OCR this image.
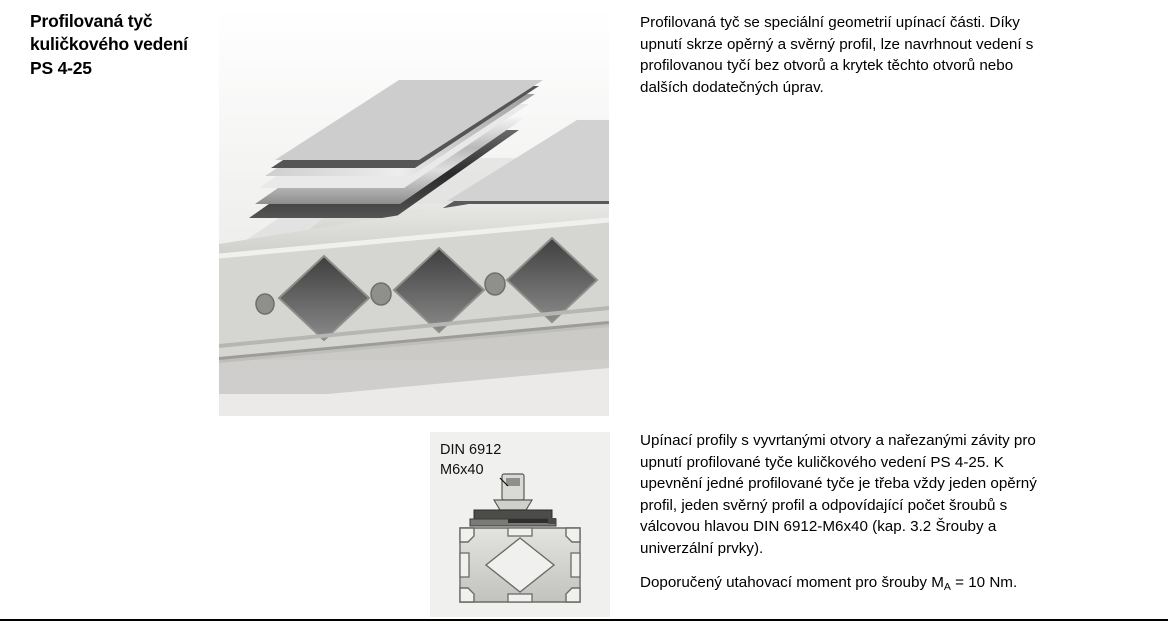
Profilovaná tyč kuličkového vedení PS 4-25
Profilovaná tyč se speciální geometrií upínací části. Díky upnutí skrze opěrný a svěrný profil, lze navrhnout vedení s profilovanou tyčí bez otvorů a krytek těchto otvorů nebo dalších dodatečných úprav.
DIN 6912
M6x40

Upínací profily s vyvrtanými otvory a nařezanými závity pro upnutí profilované tyče kuličkového vedení PS 4-25. K upevnění jedné profilované tyče je třeba vždy jeden opěrný profil, jeden svěrný profil a odpovídající počet šroubů s válcovou hlavou DIN 6912-M6x40 (kap. 3.2 Šrouby a univerzální prvky).

Doporučený utahovací moment pro šrouby $M_A = 10$ Nm.
